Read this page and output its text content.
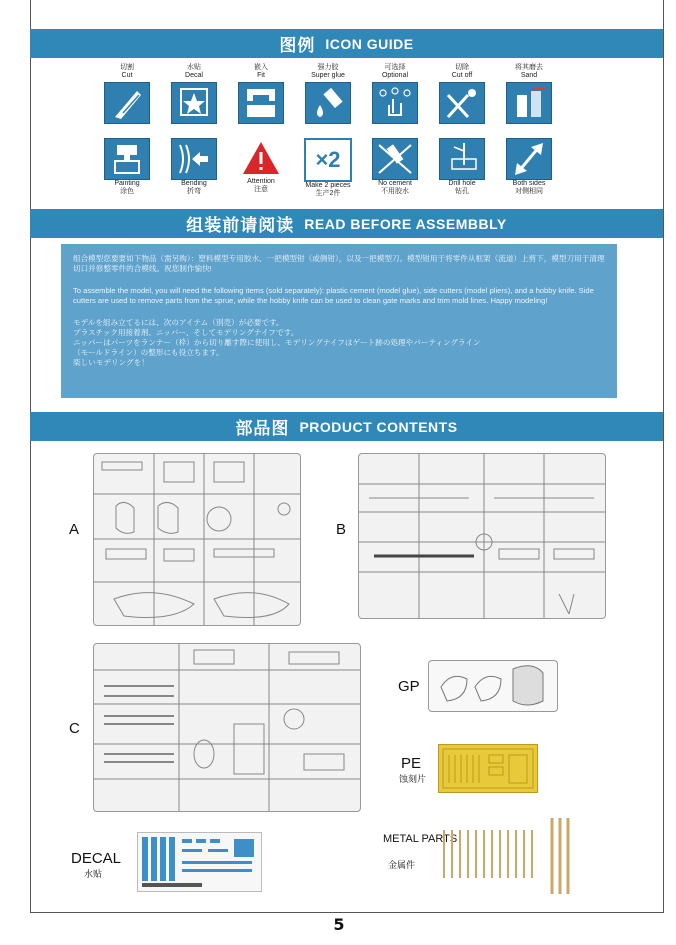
图例 ICON GUIDE
切割
Cut
水贴
Decal
嵌入
Fit
强力胶
Super glue
可选择
Optional
切除
Cut off
将其磨去
Sand
Painting
涂色
Bending
折弯
Attention
注意
×2
Make 2 pieces
生产2件
No cement
不用胶水
Drill hole
钻孔
Both sides
对侧相同
组装前请阅读 READ BEFORE ASSEMBBLY

组合模型您要要如下物品（需另购）：塑料模型专用胶水、一把模型钳（或侧钳），以及一把模型刀。模型钳用于将零件从框架（流道）上剪下，模型刀用于清理切口并修整零件的合模线。祝您制作愉快!

To assemble the model, you will need the following items (sold separately): plastic cement (model glue), side cutters (model pliers), and a hobby knife. Side cutters are used to remove parts from the sprue, while the hobby knife can be used to clean gate marks and trim mold lines. Happy modeling!

モデルを組み立てるには、次のアイテム（別売）が必要です。
プラスチック用接着剤、ニッパー、そしてモデリングナイフです。
ニッパーはパーツをランナー（枠）から切り離す際に使用し、モデリングナイフはゲート跡の処理やパーティングライン
（モールドライン）の整形にも役立ちます。
楽しいモデリングを！
部品图 PRODUCT CONTENTS
A	B
C
GP
PE
蚀刻片
METAL PARTS
金属件
DECAL
水贴
5
